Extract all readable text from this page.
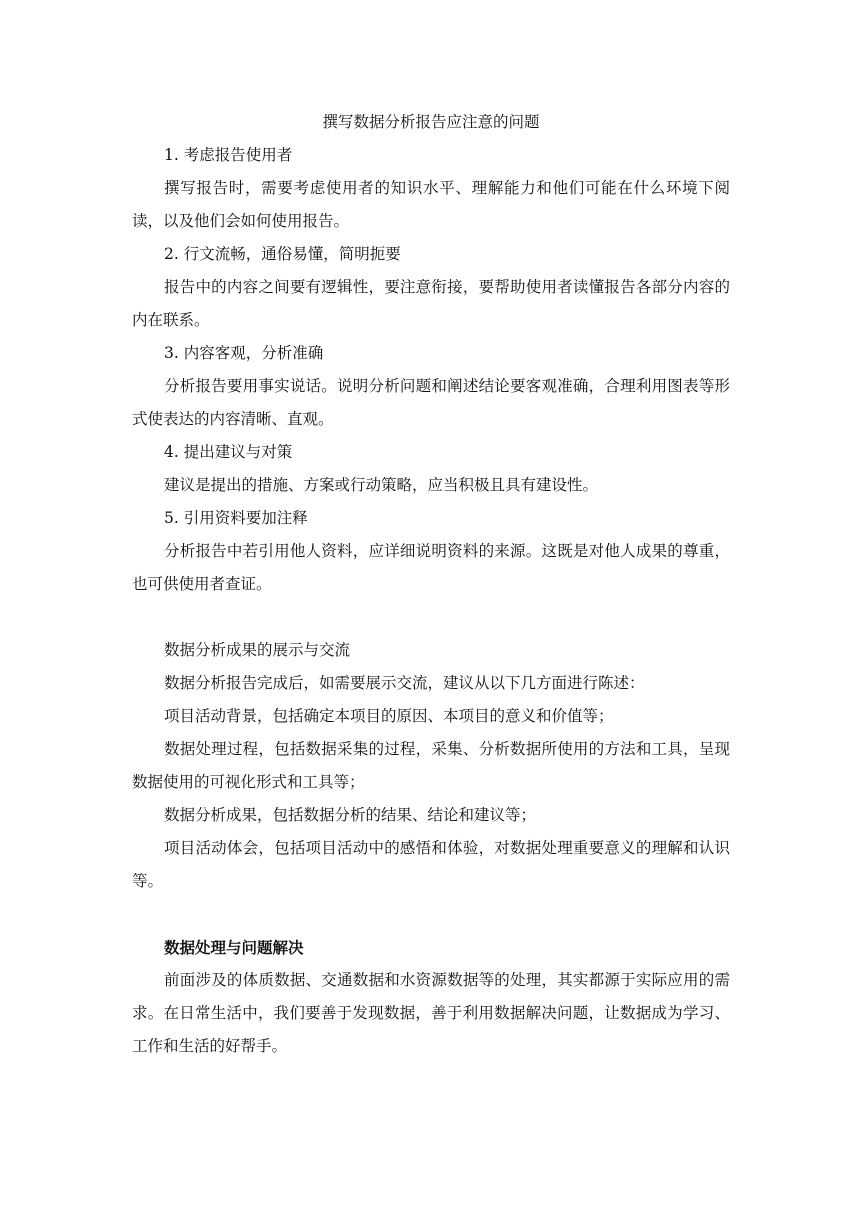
撰写数据分析报告应注意的问题

1. 考虑报告使用者

撰写报告时，需要考虑使用者的知识水平、理解能力和他们可能在什么环境下阅读，以及他们会如何使用报告。

2. 行文流畅，通俗易懂，简明扼要

报告中的内容之间要有逻辑性，要注意衔接，要帮助使用者读懂报告各部分内容的内在联系。

3. 内容客观，分析准确

分析报告要用事实说话。说明分析问题和阐述结论要客观准确，合理利用图表等形式使表达的内容清晰、直观。

4. 提出建议与对策

建议是提出的措施、方案或行动策略，应当积极且具有建设性。

5. 引用资料要加注释

分析报告中若引用他人资料，应详细说明资料的来源。这既是对他人成果的尊重，也可供使用者查证。

数据分析成果的展示与交流

数据分析报告完成后，如需要展示交流，建议从以下几方面进行陈述：

项目活动背景，包括确定本项目的原因、本项目的意义和价值等；

数据处理过程，包括数据采集的过程，采集、分析数据所使用的方法和工具，呈现数据使用的可视化形式和工具等；

数据分析成果，包括数据分析的结果、结论和建议等；

项目活动体会，包括项目活动中的感悟和体验，对数据处理重要意义的理解和认识等。

数据处理与问题解决

前面涉及的体质数据、交通数据和水资源数据等的处理，其实都源于实际应用的需求。在日常生活中，我们要善于发现数据，善于利用数据解决问题，让数据成为学习、工作和生活的好帮手。
